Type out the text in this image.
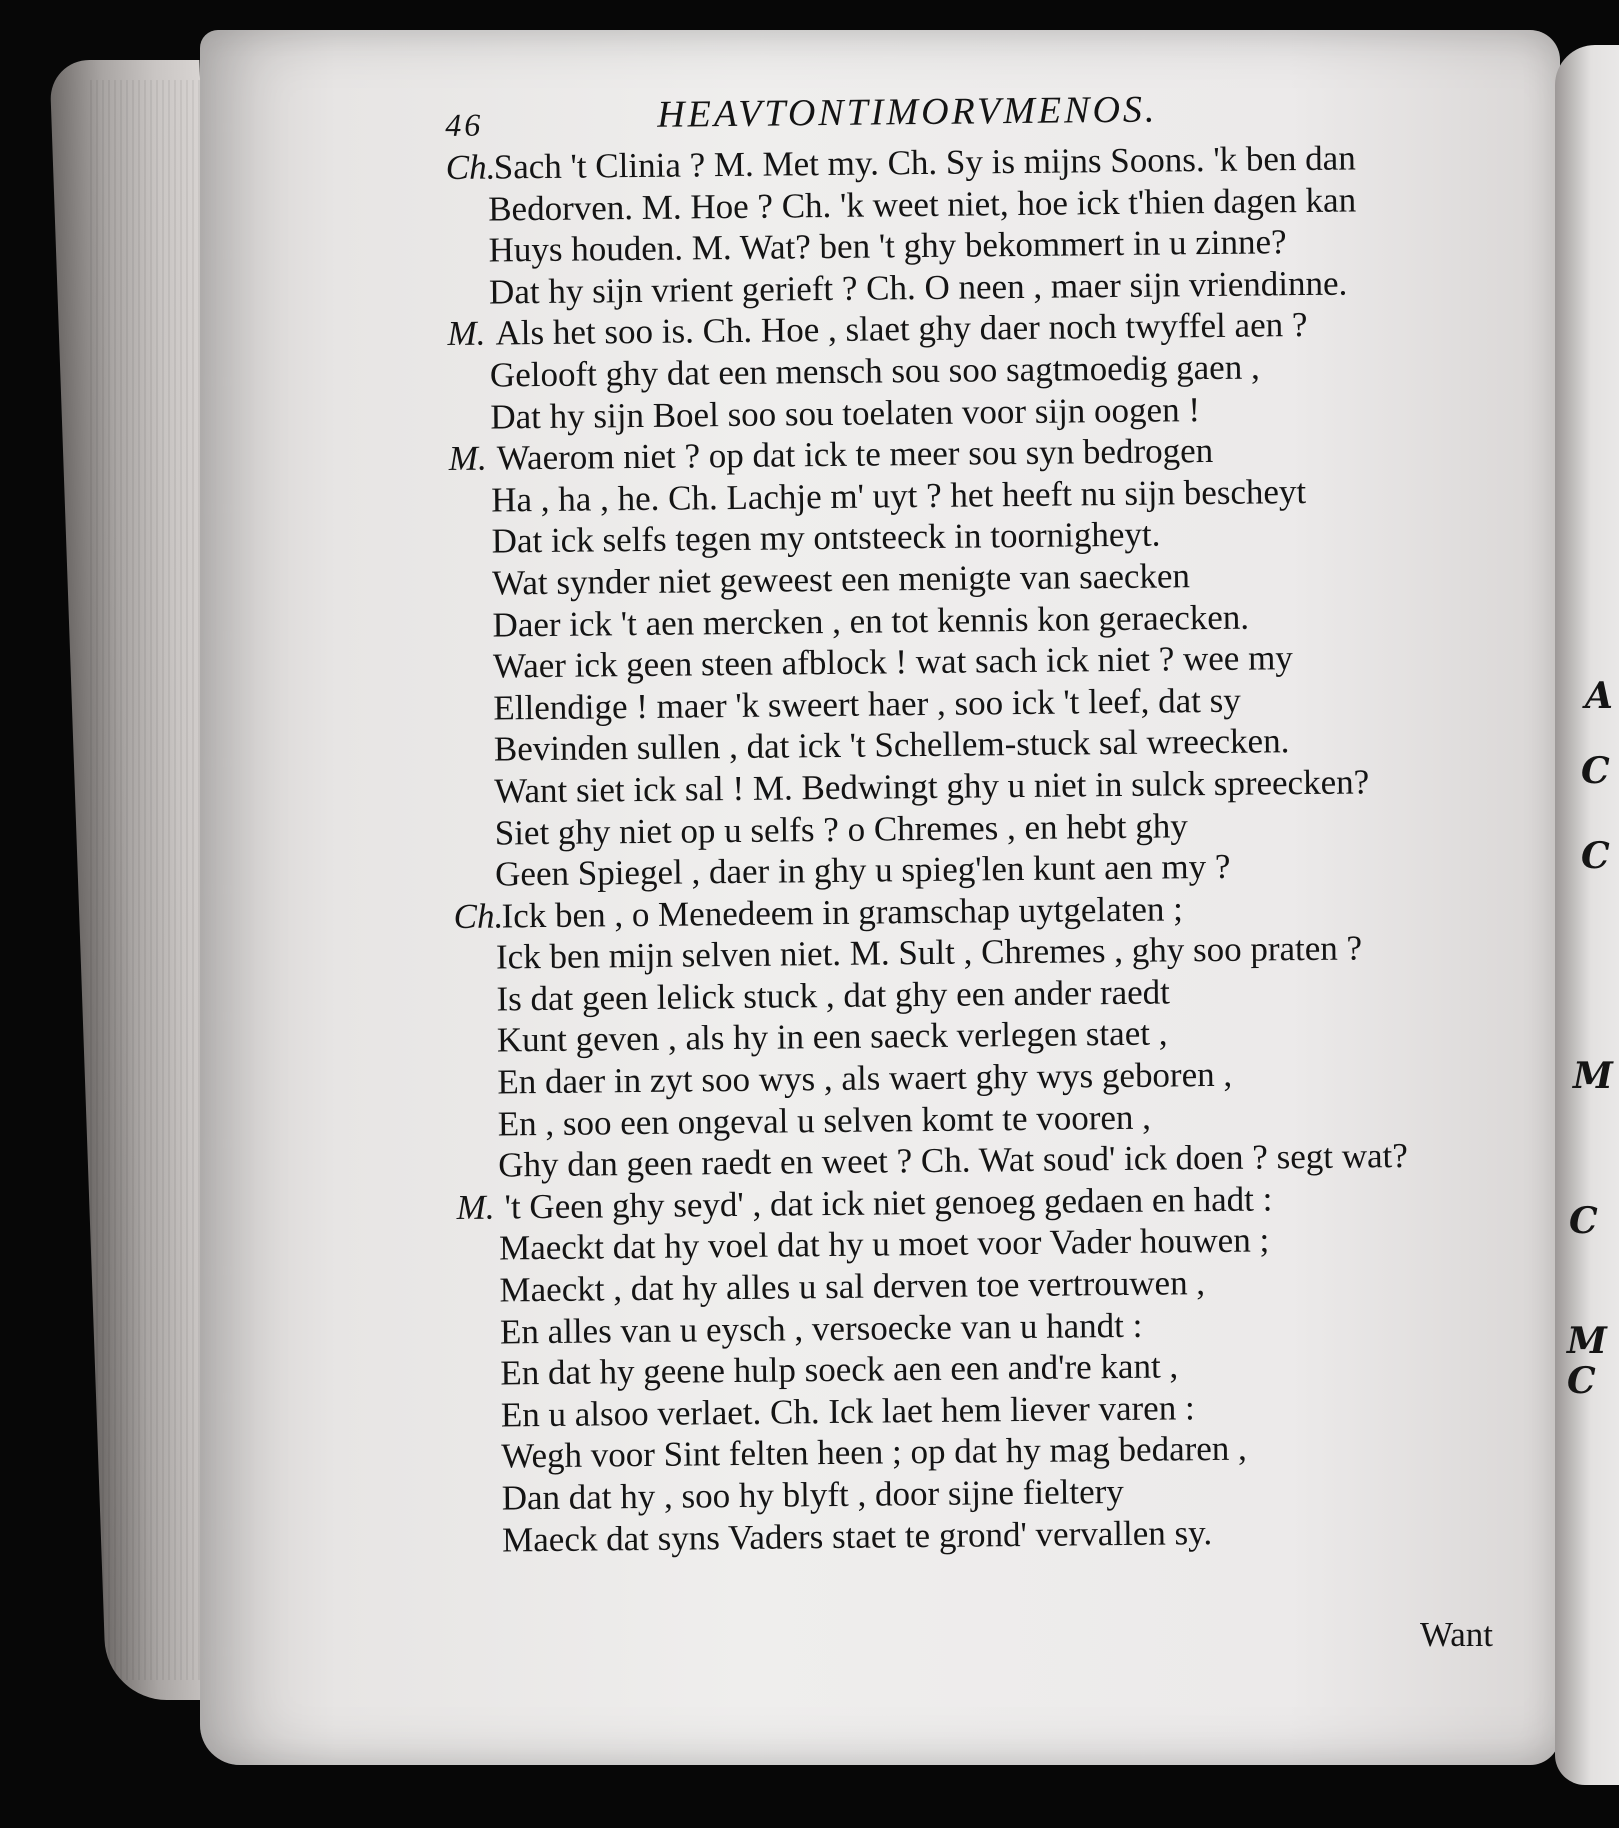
A
C
C
M
C
M
C
46	HEAVTONTIMORVMENOS.
Ch.Sach 't Clinia ? M. Met my. Ch. Sy is mijns Soons. 'k ben dan
Bedorven. M. Hoe ? Ch. 'k weet niet, hoe ick t'hien dagen kan
Huys houden. M. Wat? ben 't ghy bekommert in u zinne?
Dat hy sijn vrient gerieft ? Ch. O neen , maer sijn vriendinne.
M. Als het soo is. Ch. Hoe , slaet ghy daer noch twyffel aen ?
Gelooft ghy dat een mensch sou soo sagtmoedig gaen ,
Dat hy sijn Boel soo sou toelaten voor sijn oogen !
M. Waerom niet ? op dat ick te meer sou syn bedrogen
Ha , ha , he. Ch. Lachje m' uyt ? het heeft nu sijn bescheyt
Dat ick selfs tegen my ontsteeck in toornigheyt.
Wat synder niet geweest een menigte van saecken
Daer ick 't aen mercken , en tot kennis kon geraecken.
Waer ick geen steen afblock ! wat sach ick niet ? wee my
Ellendige ! maer 'k sweert haer , soo ick 't leef, dat sy
Bevinden sullen , dat ick 't Schellem-stuck sal wreecken.
Want siet ick sal ! M. Bedwingt ghy u niet in sulck spreecken?
Siet ghy niet op u selfs ? o Chremes , en hebt ghy
Geen Spiegel , daer in ghy u spieg'len kunt aen my ?
Ch.Ick ben , o Menedeem in gramschap uytgelaten ;
Ick ben mijn selven niet. M. Sult , Chremes , ghy soo praten ?
Is dat geen lelick stuck , dat ghy een ander raedt
Kunt geven , als hy in een saeck verlegen staet ,
En daer in zyt soo wys , als waert ghy wys geboren ,
En , soo een ongeval u selven komt te vooren ,
Ghy dan geen raedt en weet ? Ch. Wat soud' ick doen ? segt wat?
M. 't Geen ghy seyd' , dat ick niet genoeg gedaen en hadt :
Maeckt dat hy voel dat hy u moet voor Vader houwen ;
Maeckt , dat hy alles u sal derven toe vertrouwen ,
En alles van u eysch , versoecke van u handt :
En dat hy geene hulp soeck aen een and're kant ,
En u alsoo verlaet. Ch. Ick laet hem liever varen :
Wegh voor Sint felten heen ; op dat hy mag bedaren ,
Dan dat hy , soo hy blyft , door sijne fieltery
Maeck dat syns Vaders staet te grond' vervallen sy.
Want
